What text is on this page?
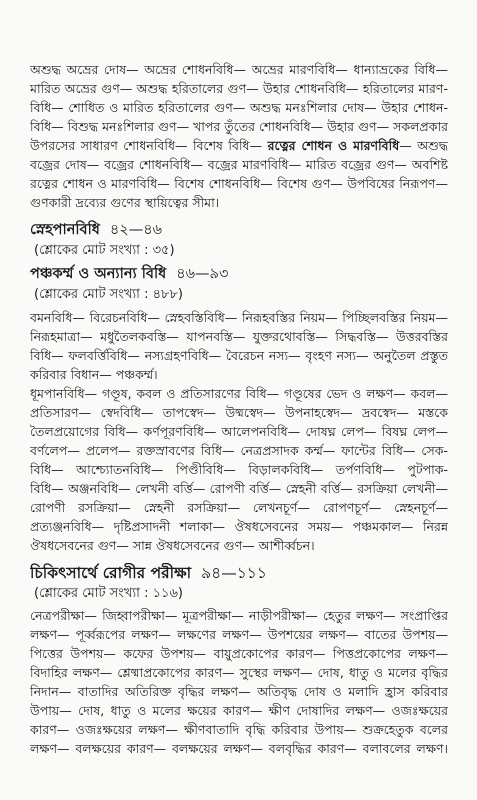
অশুদ্ধ অভ্রের দোষ— অভ্রের শোধনবিধি— অভ্রের মারণবিধি— ধান্যাভ্রকের বিধি—
মারিত অভ্রের গুণ— অশুদ্ধ হরিতালের গুণ— উহার শোধনবিধি— হরিতালের মারণ-
বিধি— শোধিত ও মারিত হরিতালের গুণ— অশুদ্ধ মনঃশিলার দোষ— উহার শোধন-
বিধি— বিশুদ্ধ মনঃশিলার গুণ— খাপর তুঁতের শোধনবিধি— উহার গুণ— সকলপ্রকার
উপরসের সাধারণ শোধনবিধি— বিশেষ বিধি— রত্নের শোধন ও মারণবিধি— অশুদ্ধ
বজ্রের দোষ— বজ্রের শোধনবিধি— বজ্রের মারণবিধি— মারিত বজ্রের গুণ— অবশিষ্ট
রত্নের শোধন ও মারণবিধি— বিশেষ শোধনবিধি— বিশেষ গুণ— উপবিষের নিরূপণ—
গুণকারী দ্রব্যের গুণের স্থায়িত্বের সীমা।
স্নেহপানবিধি ৪২—৪৬
(শ্লোকের মোট সংখ্যা : ৩৫)
পঞ্চকর্ম্ম ও অন্যান্য বিধি ৪৬—৯৩
(শ্লোকের মোট সংখ্যা : ৪৮৮)
বমনবিধি— বিরেচনবিধি— স্নেহবস্তিবিধি— নিরূহবস্তির নিয়ম— পিচ্ছিলবস্তির নিয়ম—
নিরূহমাত্রা— মধুতৈলকবস্তি— যাপনবস্তি— যুক্তরথোবস্তি— সিদ্ধবস্তি— উত্তরবস্তির
বিধি— ফলবর্ত্তিবিধি— নস্যগ্রহণবিধি— বৈরেচন নস্য— বৃংহণ নস্য— অনুতৈল প্রস্তুত
করিবার বিধান— পঞ্চকর্ম্ম।
ধূমপানবিধি— গণ্ডূষ, কবল ও প্রতিসারণের বিধি— গণ্ডূষের ভেদ ও লক্ষণ— কবল—
প্রতিসারণ— স্বেদবিধি— তাপস্বেদ— উষ্মস্বেদ— উপনাহস্বেদ— দ্রবস্বেদ— মস্তকে
তৈলপ্রয়োগের বিধি— কর্ণপূরণবিধি— আলেপনবিধি— দোষঘ্ন লেপ— বিষঘ্ন লেপ—
বর্ণলেপ— প্রলেপ— রক্তস্রাবণের বিধি— নেত্রপ্রসাদক কর্ম্ম— ফান্টের বিধি— সেক-
বিধি— আশ্চ্যোতনবিধি— পিণ্ডীবিধি— বিড়ালকবিধি— তর্পণবিধি— পুটপাক-
বিধি— অঞ্জনবিধি— লেখনী বর্ত্তি— রোপণী বর্ত্তি— স্নেহনী বর্ত্তি— রসক্রিয়া লেখনী—
রোপণী রসক্রিয়া— স্নেহনী রসক্রিয়া— লেখনচূর্ণ— রোপণচূর্ণ— স্নেহনচূর্ণ—
প্রত্যঞ্জনবিধি— দৃষ্টিপ্রসাদনী শলাকা— ঔষধসেবনের সময়— পঞ্চমকাল— নিরন্ন
ঔষধসেবনের গুণ— সান্ন ঔষধসেবনের গুণ— আশীর্ব্বচন।
চিকিৎসার্থে রোগীর পরীক্ষা ৯৪—১১১
(শ্লোকের মোট সংখ্যা : ১১৬)
নেত্রপরীক্ষা— জিহ্বাপরীক্ষা— মূত্রপরীক্ষা— নাড়ীপরীক্ষা— হেতুর লক্ষণ— সংপ্রাপ্তির
লক্ষণ— পূর্ব্বরূপের লক্ষণ— লক্ষণের লক্ষণ— উপশয়ের লক্ষণ— বাতের উপশয়—
পিত্তের উপশয়— কফের উপশয়— বায়ুপ্রকোপের কারণ— পিত্তপ্রকোপের লক্ষণ—
বিদাহির লক্ষণ— শ্লেষ্মাপ্রকোপের কারণ— সুস্থের লক্ষণ— দোষ, ধাতু ও মলের বৃদ্ধির
নিদান— বাতাদির অতিরিক্ত বৃদ্ধির লক্ষণ— অতিবৃদ্ধ দোষ ও মলাদি হ্রাস করিবার
উপায়— দোষ, ধাতু ও মলের ক্ষয়ের কারণ— ক্ষীণ দোষাদির লক্ষণ— ওজঃক্ষয়ের
কারণ— ওজঃক্ষয়ের লক্ষণ— ক্ষীণবাতাদি বৃদ্ধি করিবার উপায়— শুক্রহেতুক বলের
লক্ষণ— বলক্ষয়ের কারণ— বলক্ষয়ের লক্ষণ— বলবৃদ্ধির কারণ— বলাবলের লক্ষণ।
